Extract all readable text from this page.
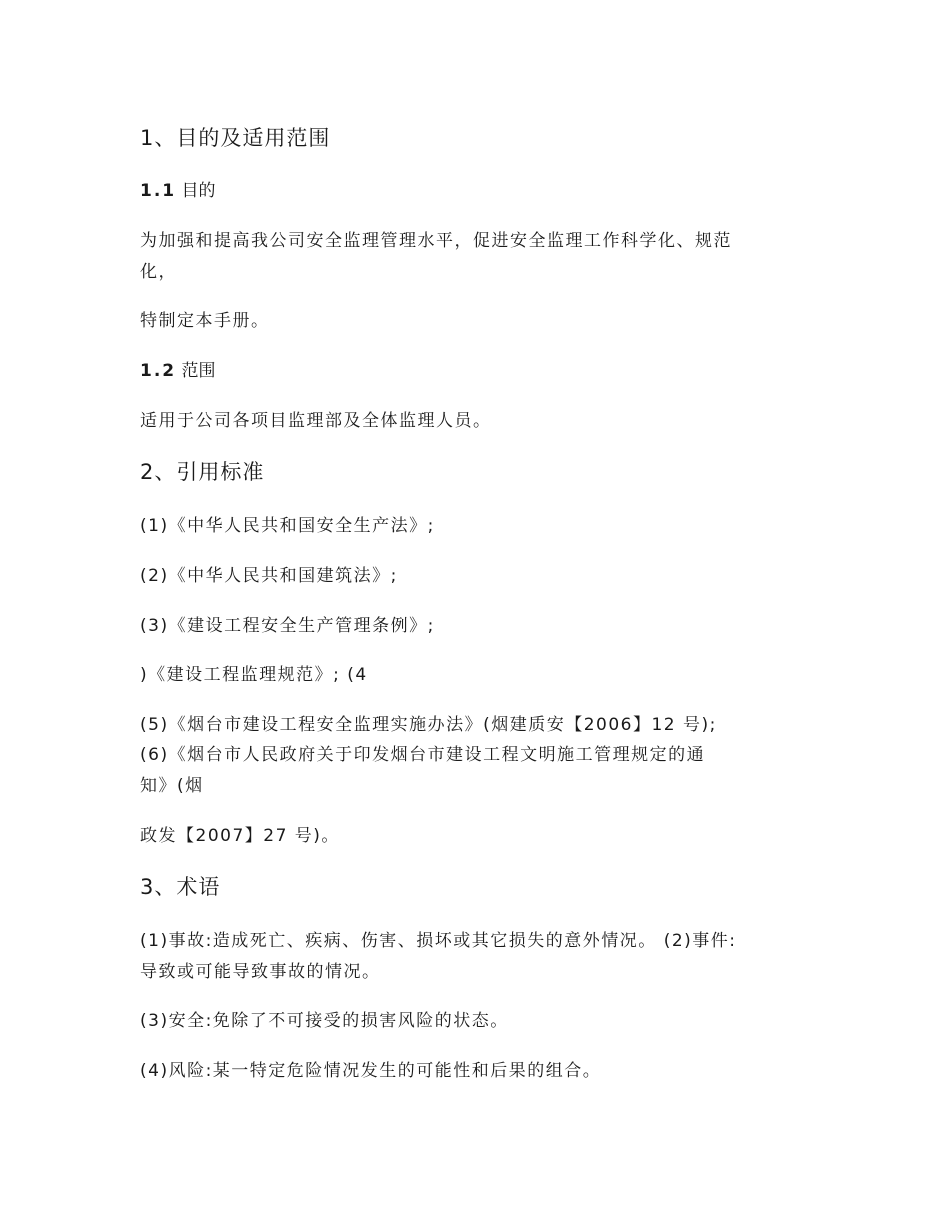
1、目的及适用范围
1.1 目的
为加强和提高我公司安全监理管理水平，促进安全监理工作科学化、规范
化，
特制定本手册。
1.2 范围
适用于公司各项目监理部及全体监理人员。
2、引用标准
(1)《中华人民共和国安全生产法》;
(2)《中华人民共和国建筑法》;
(3)《建设工程安全生产管理条例》;
)《建设工程监理规范》; (4
(5)《烟台市建设工程安全监理实施办法》(烟建质安【2006】12 号);
(6)《烟台市人民政府关于印发烟台市建设工程文明施工管理规定的通
知》(烟
政发【2007】27 号)。
3、术语
(1)事故:造成死亡、疾病、伤害、损坏或其它损失的意外情况。 (2)事件:
导致或可能导致事故的情况。
(3)安全:免除了不可接受的损害风险的状态。
(4)风险:某一特定危险情况发生的可能性和后果的组合。
